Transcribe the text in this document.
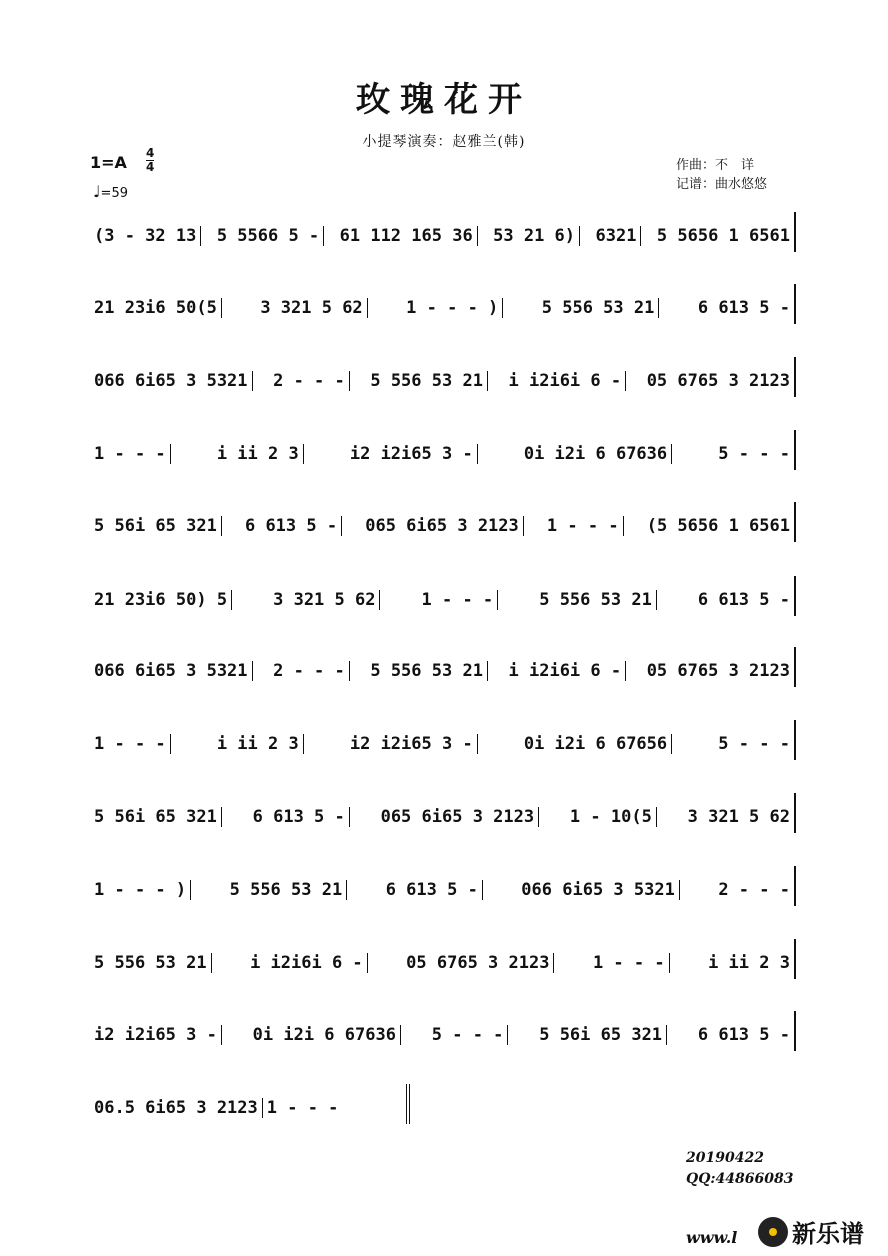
玫瑰花开
小提琴演奏：赵雅兰(韩)
1=A 4
4
♩=59
作曲：不　详
记谱：曲水悠悠
(3 - 32 13 5 5566 5 - 61 112 165 36 53 21 6) 6321 5 5656 1 6561
21 23i6 50(5	3 321 5 62	1 - - - )	5 556 53 21	6 613 5 -
066 6i65 3 5321 2 - - - 5 556 53 21 i i2i6i 6 - 05 6765 3 2123
1 - - -	i ii 2 3	i2 i2i65 3 -	0i i2i 6 67636	5 - - -
5 56i 65 321 6 613 5 - 065 6i65 3 2123 1 - - - (5 5656 1 6561
21 23i6 50) 5	3 321 5 62	1 - - -	5 556 53 21	6 613 5 -
066 6i65 3 5321 2 - - - 5 556 53 21 i i2i6i 6 - 05 6765 3 2123
1 - - -	i ii 2 3	i2 i2i65 3 -	0i i2i 6 67656	5 - - -
5 56i 65 321 6 613 5 - 065 6i65 3 2123 1 - 10(5 3 321 5 62
1 - - - )	5 556 53 21	6 613 5 -	066 6i65 3 5321	2 - - -
5 556 53 21	i i2i6i 6 -	05 6765 3 2123	1 - - -	i ii 2 3
i2 i2i65 3 - 0i i2i 6 67636 5 - - - 5 56i 65 321 6 613 5 -
06.5 6i65 3 2123 1 - - -
20190422
QQ:44866083
www.l 新乐谱
